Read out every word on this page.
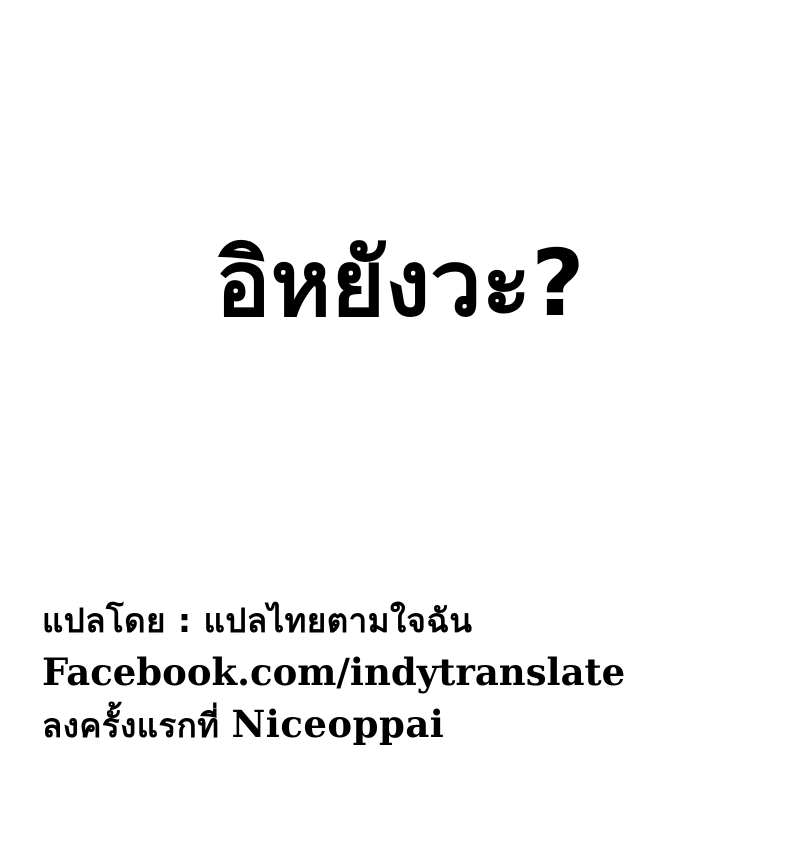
อิหยังวะ?
แปลโดย : แปลไทยตามใจฉัน
Facebook.com/indytranslate
ลงครั้งแรกที่ Niceoppai
